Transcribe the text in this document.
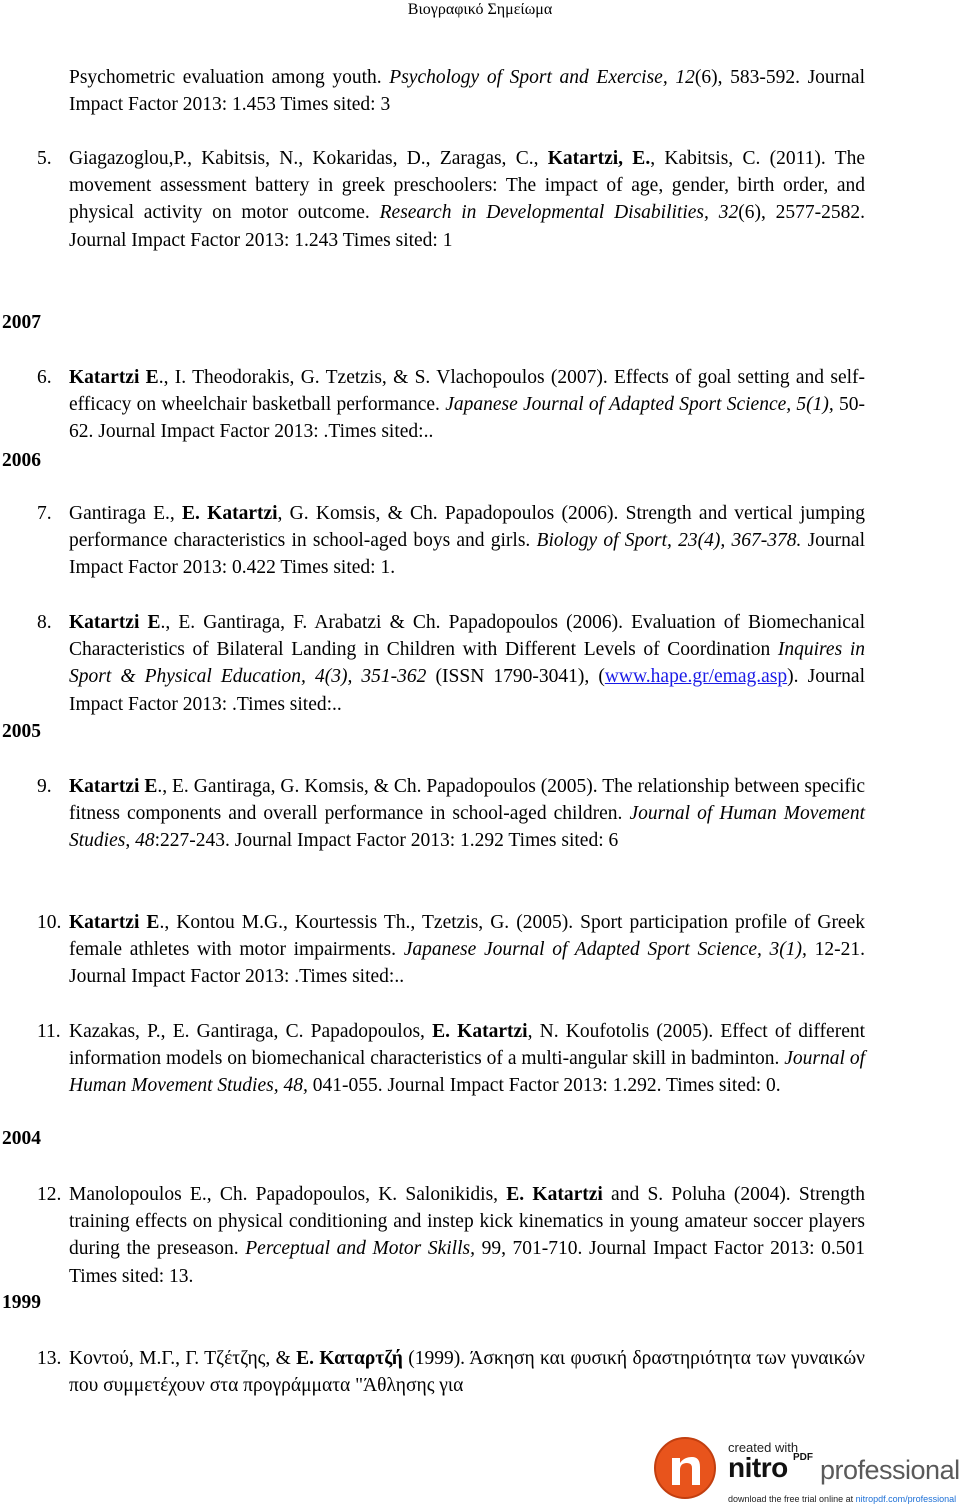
Βιογραφικό Σημείωμα
2007
2006
2005
2004
1999
Psychometric evaluation among youth. Psychology of Sport and Exercise, 12(6), 583-592. Journal Impact Factor 2013: 1.453 Times sited: 3
5. Giagazoglou,P., Kabitsis, N., Kokaridas, D., Zaragas, C., Katartzi, E., Kabitsis, C. (2011). The movement assessment battery in greek preschoolers: The impact of age, gender, birth order, and physical activity on motor outcome. Research in Developmental Disabilities, 32(6), 2577-2582. Journal Impact Factor 2013: 1.243 Times sited: 1
6. Katartzi E., I. Theodorakis, G. Tzetzis, & S. Vlachopoulos (2007). Effects of goal setting and self-efficacy on wheelchair basketball performance. Japanese Journal of Adapted Sport Science, 5(1), 50-62. Journal Impact Factor 2013: .Times sited:..
7. Gantiraga E., E. Katartzi, G. Komsis, & Ch. Papadopoulos (2006). Strength and vertical jumping performance characteristics in school-aged boys and girls. Biology of Sport, 23(4), 367-378. Journal Impact Factor 2013: 0.422 Times sited: 1.
8. Katartzi E., E. Gantiraga, F. Arabatzi & Ch. Papadopoulos (2006). Evaluation of Biomechanical Characteristics of Bilateral Landing in Children with Different Levels of Coordination Inquires in Sport & Physical Education, 4(3), 351-362 (ISSN 1790-3041), (www.hape.gr/emag.asp). Journal Impact Factor 2013: .Times sited:..
9. Katartzi E., E. Gantiraga, G. Komsis, & Ch. Papadopoulos (2005). The relationship between specific fitness components and overall performance in school-aged children. Journal of Human Movement Studies, 48:227-243. Journal Impact Factor 2013: 1.292 Times sited: 6
10. Katartzi E., Kontou M.G., Kourtessis Th., Tzetzis, G. (2005). Sport participation profile of Greek female athletes with motor impairments. Japanese Journal of Adapted Sport Science, 3(1), 12-21. Journal Impact Factor 2013: .Times sited:..
11. Kazakas, P., E. Gantiraga, C. Papadopoulos, E. Katartzi, N. Koufotolis (2005). Effect of different information models on biomechanical characteristics of a multi-angular skill in badminton. Journal of Human Movement Studies, 48, 041-055. Journal Impact Factor 2013: 1.292. Times sited: 0.
12. Manolopoulos E., Ch. Papadopoulos, K. Salonikidis, E. Katartzi and S. Poluha (2004). Strength training effects on physical conditioning and instep kick kinematics in young amateur soccer players during the preseason. Perceptual and Motor Skills, 99, 701-710. Journal Impact Factor 2013: 0.501 Times sited: 13.
13. Κοντού, Μ.Γ., Γ. Τζέτζης, & Ε. Καταρτζή (1999). Άσκηση και φυσική δραστηριότητα των γυναικών που συμμετέχουν στα προγράμματα "Άθλησης για
created with
nitro PDF professional
download the free trial online at nitropdf.com/professional
